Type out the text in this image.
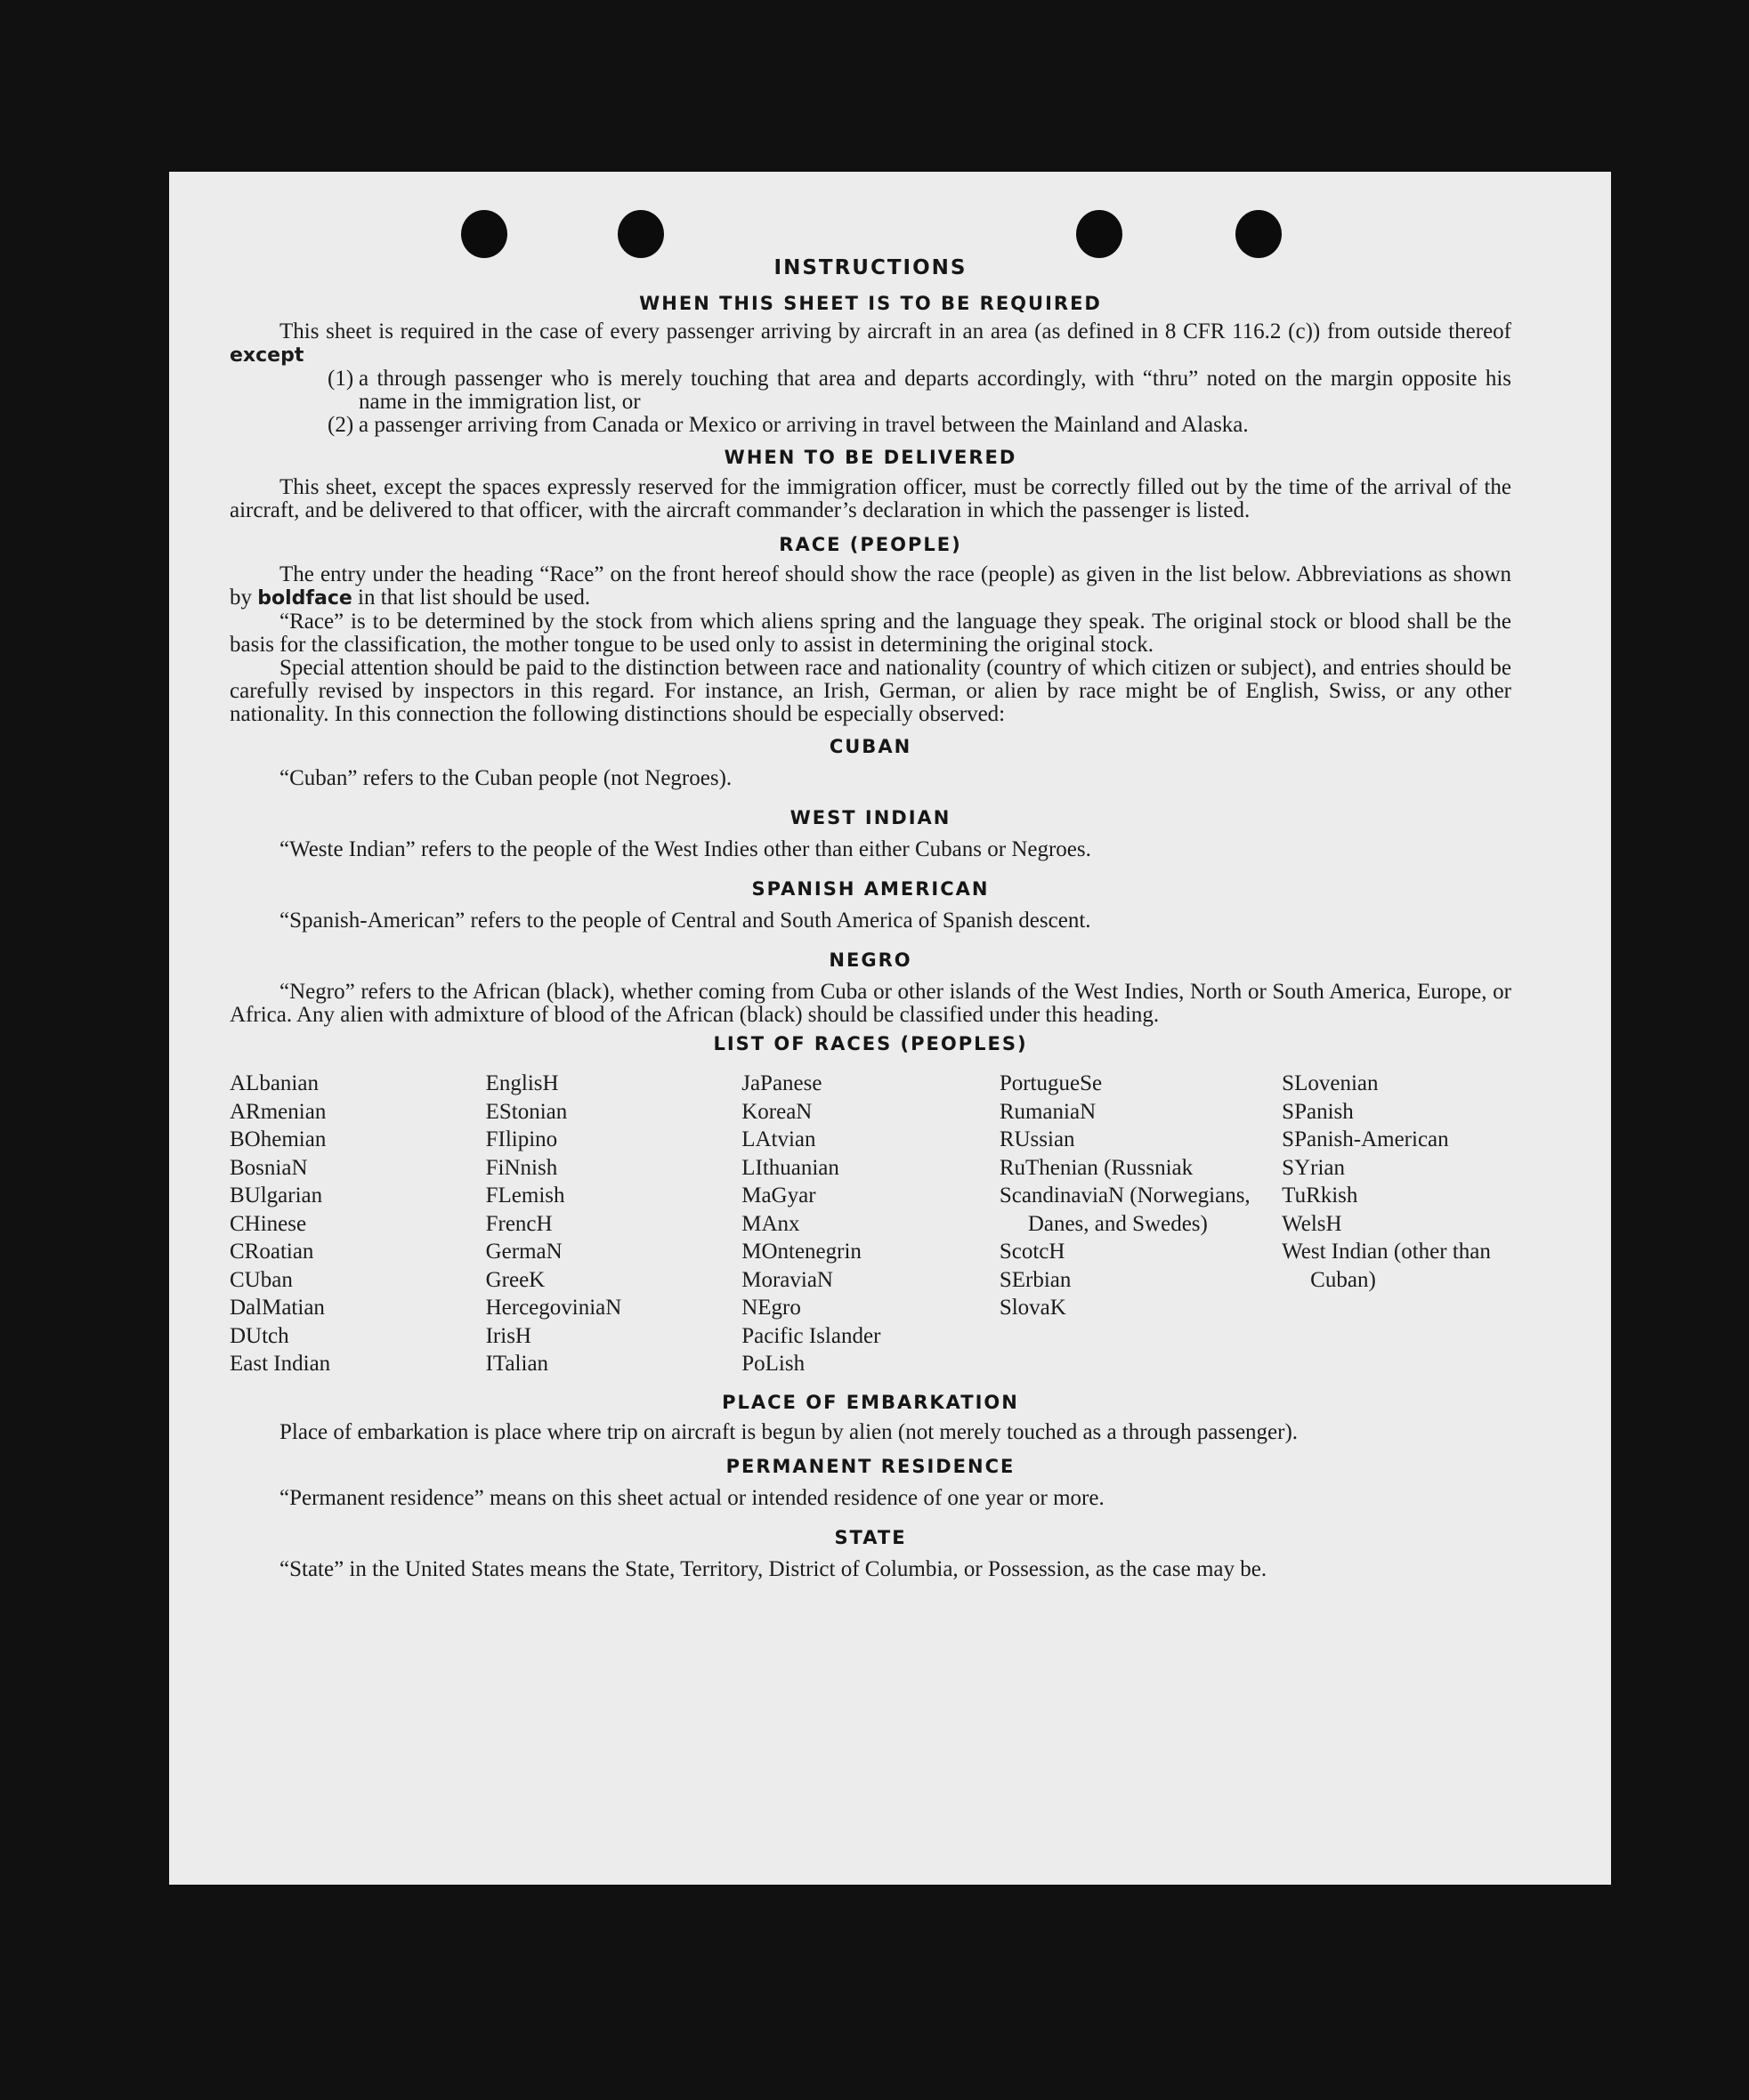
INSTRUCTIONS
WHEN THIS SHEET IS TO BE REQUIRED

This sheet is required in the case of every passenger arriving by aircraft in an area (as defined in 8 CFR 116.2 (c)) from outside thereof except

(1) a through passenger who is merely touching that area and departs accordingly, with “thru” noted on the margin opposite his name in the immigration list, or
(2) a passenger arriving from Canada or Mexico or arriving in travel between the Mainland and Alaska.
WHEN TO BE DELIVERED

This sheet, except the spaces expressly reserved for the immigration officer, must be correctly filled out by the time of the arrival of the aircraft, and be delivered to that officer, with the aircraft commander’s declaration in which the passenger is listed.

RACE (PEOPLE)

The entry under the heading “Race” on the front hereof should show the race (people) as given in the list below. Abbreviations as shown by boldface in that list should be used.

“Race” is to be determined by the stock from which aliens spring and the language they speak. The original stock or blood shall be the basis for the classification, the mother tongue to be used only to assist in determining the original stock.

Special attention should be paid to the distinction between race and nationality (country of which citizen or subject), and entries should be carefully revised by inspectors in this regard. For instance, an Irish, German, or alien by race might be of English, Swiss, or any other nationality. In this connection the following distinctions should be especially observed:

CUBAN

“Cuban” refers to the Cuban people (not Negroes).

WEST INDIAN

“Weste Indian” refers to the people of the West Indies other than either Cubans or Negroes.

SPANISH AMERICAN

“Spanish-American” refers to the people of Central and South America of Spanish descent.

NEGRO

“Negro” refers to the African (black), whether coming from Cuba or other islands of the West Indies, North or South America, Europe, or Africa. Any alien with admixture of blood of the African (black) should be classified under this heading.

LIST OF RACES (PEOPLES)
ALbanian
ARmenian
BOhemian
BosniaN
BUlgarian
CHinese
CRoatian
CUban
DalMatian
DUtch
East Indian
EnglisH
EStonian
FIlipino
FiNnish
FLemish
FrencH
GermaN
GreeK
HercegoviniaN
IrisH
ITalian
JaPanese
KoreaN
LAtvian
LIthuanian
MaGyar
MAnx
MOntenegrin
MoraviaN
NEgro
Pacific Islander
PoLish
PortugueSe
RumaniaN
RUssian
RuThenian (Russniak
ScandinaviaN (Norwegians, Danes, and Swedes)
ScotcH
SErbian
SlovaK
SLovenian
SPanish
SPanish-American
SYrian
TuRkish
WelsH
West Indian (other than Cuban)
PLACE OF EMBARKATION

Place of embarkation is place where trip on aircraft is begun by alien (not merely touched as a through passenger).

PERMANENT RESIDENCE

“Permanent residence” means on this sheet actual or intended residence of one year or more.

STATE

“State” in the United States means the State, Territory, District of Columbia, or Possession, as the case may be.
